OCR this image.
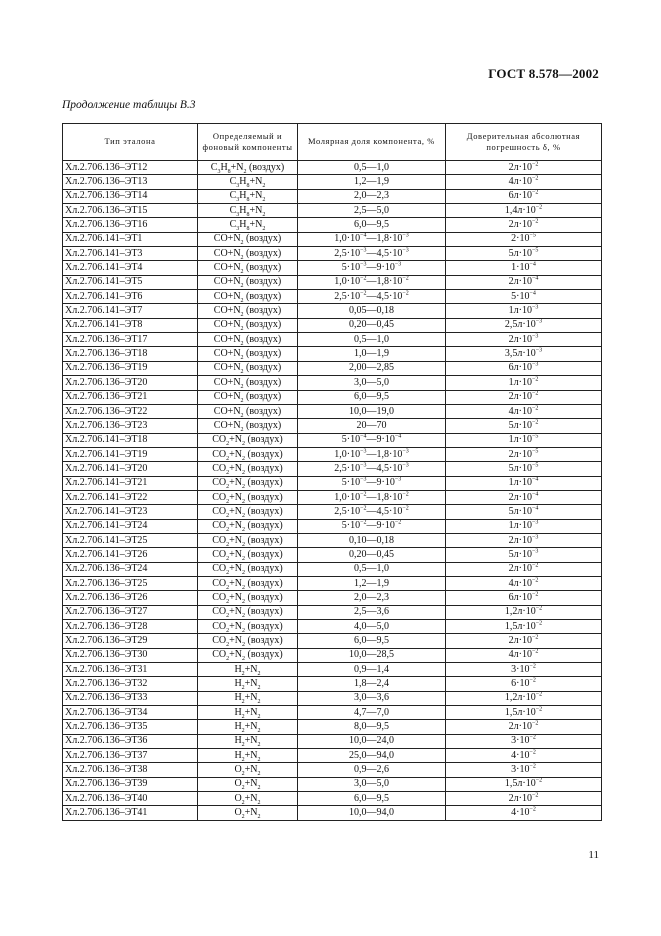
ГОСТ 8.578—2002
Продолжение таблицы В.3
Тип эталона	Определяемый и фоновый компоненты	Молярная доля компонента, %	Доверительная абсолютная погрешность δ, %
Хл.2.706.136–ЭТ12	$C_3H_8+N_2$ (воздух)	0,5—1,0	$2л\cdot 10^{-2}$
Хл.2.706.136–ЭТ13	$C_3H_8+N_2$	1,2—1,9	$4л\cdot 10^{-2}$
Хл.2.706.136–ЭТ14	$C_3H_8+N_2$	2,0—2,3	$6л\cdot 10^{-2}$
Хл.2.706.136–ЭТ15	$C_3H_8+N_2$	2,5—5,0	$1,4л\cdot 10^{-2}$
Хл.2.706.136–ЭТ16	$C_3H_8+N_2$	6,0—9,5	$2л\cdot 10^{-2}$
Хл.2.706.141–ЭТ1	$CO+N_2$ (воздух)	$1,0\cdot 10^{-4}—1,8\cdot 10^{-3}$	$2\cdot 10^{-5}$
Хл.2.706.141–ЭТ3	$CO+N_2$ (воздух)	$2,5\cdot 10^{-3}—4,5\cdot 10^{-3}$	$5л\cdot 10^{-5}$
Хл.2.706.141–ЭТ4	$CO+N_2$ (воздух)	$5\cdot 10^{-3}—9\cdot 10^{-3}$	$1\cdot 10^{-4}$
Хл.2.706.141–ЭТ5	$CO+N_2$ (воздух)	$1,0\cdot 10^{-2}—1,8\cdot 10^{-2}$	$2л\cdot 10^{-4}$
Хл.2.706.141–ЭТ6	$CO+N_2$ (воздух)	$2,5\cdot 10^{-2}—4,5\cdot 10^{-2}$	$5\cdot 10^{-4}$
Хл.2.706.141–ЭТ7	$CO+N_2$ (воздух)	0,05—0,18	$1л\cdot 10^{-3}$
Хл.2.706.141–ЭТ8	$CO+N_2$ (воздух)	0,20—0,45	$2,5л\cdot 10^{-3}$
Хл.2.706.136–ЭТ17	$CO+N_2$ (воздух)	0,5—1,0	$2л\cdot 10^{-3}$
Хл.2.706.136–ЭТ18	$CO+N_2$ (воздух)	1,0—1,9	$3,5л\cdot 10^{-3}$
Хл.2.706.136–ЭТ19	$CO+N_2$ (воздух)	2,00—2,85	$6л\cdot 10^{-3}$
Хл.2.706.136–ЭТ20	$CO+N_2$ (воздух)	3,0—5,0	$1л\cdot 10^{-2}$
Хл.2.706.136–ЭТ21	$CO+N_2$ (воздух)	6,0—9,5	$2л\cdot 10^{-2}$
Хл.2.706.136–ЭТ22	$CO+N_2$ (воздух)	10,0—19,0	$4л\cdot 10^{-2}$
Хл.2.706.136–ЭТ23	$CO+N_2$ (воздух)	20—70	$5л\cdot 10^{-2}$
Хл.2.706.141–ЭТ18	$CO_2+N_2$ (воздух)	$5\cdot 10^{-4}—9\cdot 10^{-4}$	$1л\cdot 10^{-5}$
Хл.2.706.141–ЭТ19	$CO_2+N_2$ (воздух)	$1,0\cdot 10^{-3}—1,8\cdot 10^{-3}$	$2л\cdot 10^{-5}$
Хл.2.706.141–ЭТ20	$CO_2+N_2$ (воздух)	$2,5\cdot 10^{-3}—4,5\cdot 10^{-3}$	$5л\cdot 10^{-5}$
Хл.2.706.141–ЭТ21	$CO_2+N_2$ (воздух)	$5\cdot 10^{-3}—9\cdot 10^{-3}$	$1л\cdot 10^{-4}$
Хл.2.706.141–ЭТ22	$CO_2+N_2$ (воздух)	$1,0\cdot 10^{-2}—1,8\cdot 10^{-2}$	$2л\cdot 10^{-4}$
Хл.2.706.141–ЭТ23	$CO_2+N_2$ (воздух)	$2,5\cdot 10^{-2}—4,5\cdot 10^{-2}$	$5л\cdot 10^{-4}$
Хл.2.706.141–ЭТ24	$CO_2+N_2$ (воздух)	$5\cdot 10^{-2}—9\cdot 10^{-2}$	$1л\cdot 10^{-3}$
Хл.2.706.141–ЭТ25	$CO_2+N_2$ (воздух)	0,10—0,18	$2л\cdot 10^{-3}$
Хл.2.706.141–ЭТ26	$CO_2+N_2$ (воздух)	0,20—0,45	$5л\cdot 10^{-3}$
Хл.2.706.136–ЭТ24	$CO_2+N_2$ (воздух)	0,5—1,0	$2л\cdot 10^{-2}$
Хл.2.706.136–ЭТ25	$CO_2+N_2$ (воздух)	1,2—1,9	$4л\cdot 10^{-2}$
Хл.2.706.136–ЭТ26	$CO_2+N_2$ (воздух)	2,0—2,3	$6л\cdot 10^{-2}$
Хл.2.706.136–ЭТ27	$CO_2+N_2$ (воздух)	2,5—3,6	$1,2л\cdot 10^{-2}$
Хл.2.706.136–ЭТ28	$CO_2+N_2$ (воздух)	4,0—5,0	$1,5л\cdot 10^{-2}$
Хл.2.706.136–ЭТ29	$CO_2+N_2$ (воздух)	6,0—9,5	$2л\cdot 10^{-2}$
Хл.2.706.136–ЭТ30	$CO_2+N_2$ (воздух)	10,0—28,5	$4л\cdot 10^{-2}$
Хл.2.706.136–ЭТ31	$H_2+N_2$	0,9—1,4	$3\cdot 10^{-2}$
Хл.2.706.136–ЭТ32	$H_2+N_2$	1,8—2,4	$6\cdot 10^{-2}$
Хл.2.706.136–ЭТ33	$H_2+N_2$	3,0—3,6	$1,2л\cdot 10^{-2}$
Хл.2.706.136–ЭТ34	$H_2+N_2$	4,7—7,0	$1,5л\cdot 10^{-2}$
Хл.2.706.136–ЭТ35	$H_2+N_2$	8,0—9,5	$2л\cdot 10^{-2}$
Хл.2.706.136–ЭТ36	$H_2+N_2$	10,0—24,0	$3\cdot 10^{-2}$
Хл.2.706.136–ЭТ37	$H_2+N_2$	25,0—94,0	$4\cdot 10^{-2}$
Хл.2.706.136–ЭТ38	$O_2+N_2$	0,9—2,6	$3\cdot 10^{-2}$
Хл.2.706.136–ЭТ39	$O_2+N_2$	3,0—5,0	$1,5л\cdot 10^{-2}$
Хл.2.706.136–ЭТ40	$O_2+N_2$	6,0—9,5	$2л\cdot 10^{-2}$
Хл.2.706.136–ЭТ41	$O_2+N_2$	10,0—94,0	$4\cdot 10^{-2}$
11
